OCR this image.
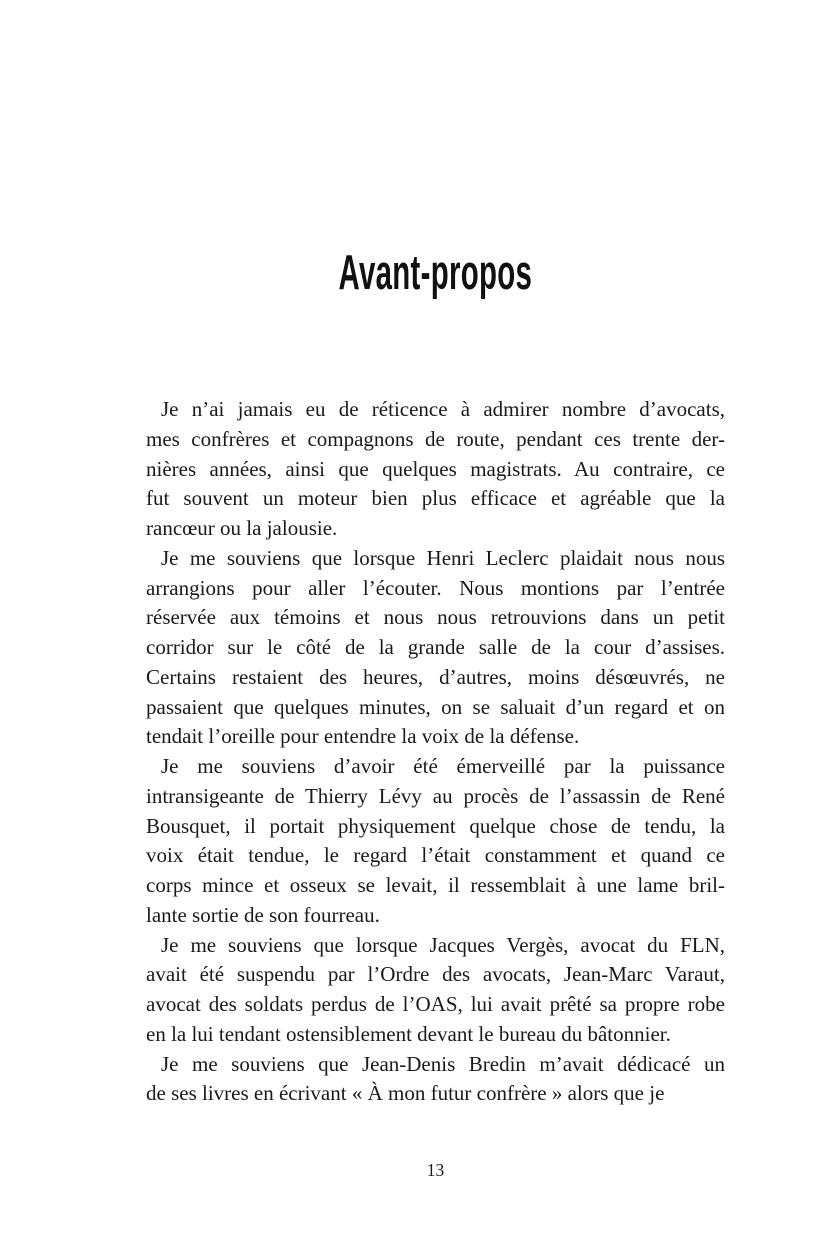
Avant-propos
Je n’ai jamais eu de réticence à admirer nombre d’avocats,
mes confrères et compagnons de route, pendant ces trente der-
nières années, ainsi que quelques magistrats. Au contraire, ce
fut souvent un moteur bien plus efficace et agréable que la
rancœur ou la jalousie.
Je me souviens que lorsque Henri Leclerc plaidait nous nous
arrangions pour aller l’écouter. Nous montions par l’entrée
réservée aux témoins et nous nous retrouvions dans un petit
corridor sur le côté de la grande salle de la cour d’assises.
Certains restaient des heures, d’autres, moins désœuvrés, ne
passaient que quelques minutes, on se saluait d’un regard et on
tendait l’oreille pour entendre la voix de la défense.
Je me souviens d’avoir été émerveillé par la puissance
intransigeante de Thierry Lévy au procès de l’assassin de René
Bousquet, il portait physiquement quelque chose de tendu, la
voix était tendue, le regard l’était constamment et quand ce
corps mince et osseux se levait, il ressemblait à une lame bril-
lante sortie de son fourreau.
Je me souviens que lorsque Jacques Vergès, avocat du FLN,
avait été suspendu par l’Ordre des avocats, Jean-Marc Varaut,
avocat des soldats perdus de l’OAS, lui avait prêté sa propre robe
en la lui tendant ostensiblement devant le bureau du bâtonnier.
Je me souviens que Jean-Denis Bredin m’avait dédicacé un
de ses livres en écrivant « À mon futur confrère » alors que je
13
